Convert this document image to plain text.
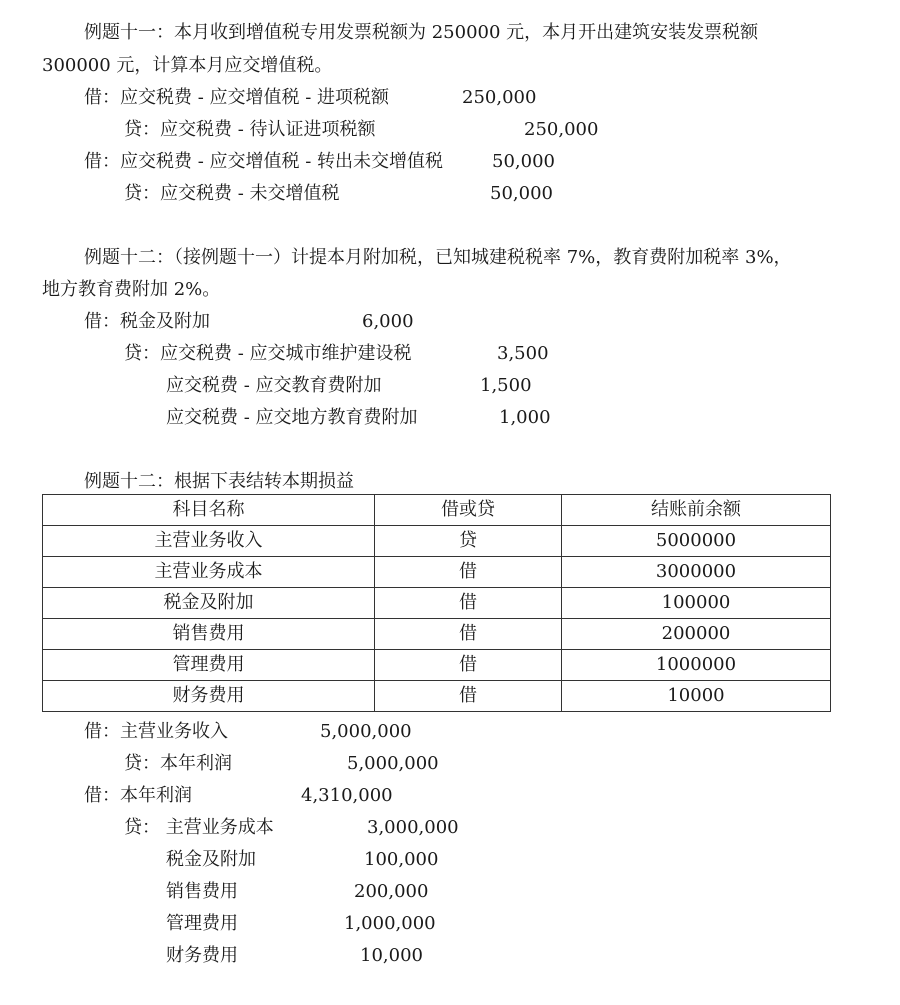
例题十一：本月收到增值税专用发票税额为 250000 元，本月开出建筑安装发票税额
300000 元，计算本月应交增值税。
借：应交税费 - 应交增值税 - 进项税额	250,000
贷：应交税费 - 待认证进项税额	250,000
借：应交税费 - 应交增值税 - 转出未交增值税	50,000
贷：应交税费 - 未交增值税	50,000
例题十二：（接例题十一）计提本月附加税，已知城建税税率 7%，教育费附加税率 3%，
地方教育费附加 2%。
借：税金及附加	6,000
贷：应交税费 - 应交城市维护建设税	3,500
应交税费 - 应交教育费附加	1,500
应交税费 - 应交地方教育费附加	1,000
例题十二：根据下表结转本期损益
科目名称	借或贷	结账前余额
主营业务收入	贷	5000000
主营业务成本	借	3000000
税金及附加	借	100000
销售费用	借	200000
管理费用	借	1000000
财务费用	借	10000
借：主营业务收入	5,000,000
贷：本年利润	5,000,000
借：本年利润	4,310,000
贷： 主营业务成本	3,000,000
税金及附加	100,000
销售费用	200,000
管理费用	1,000,000
财务费用	10,000
